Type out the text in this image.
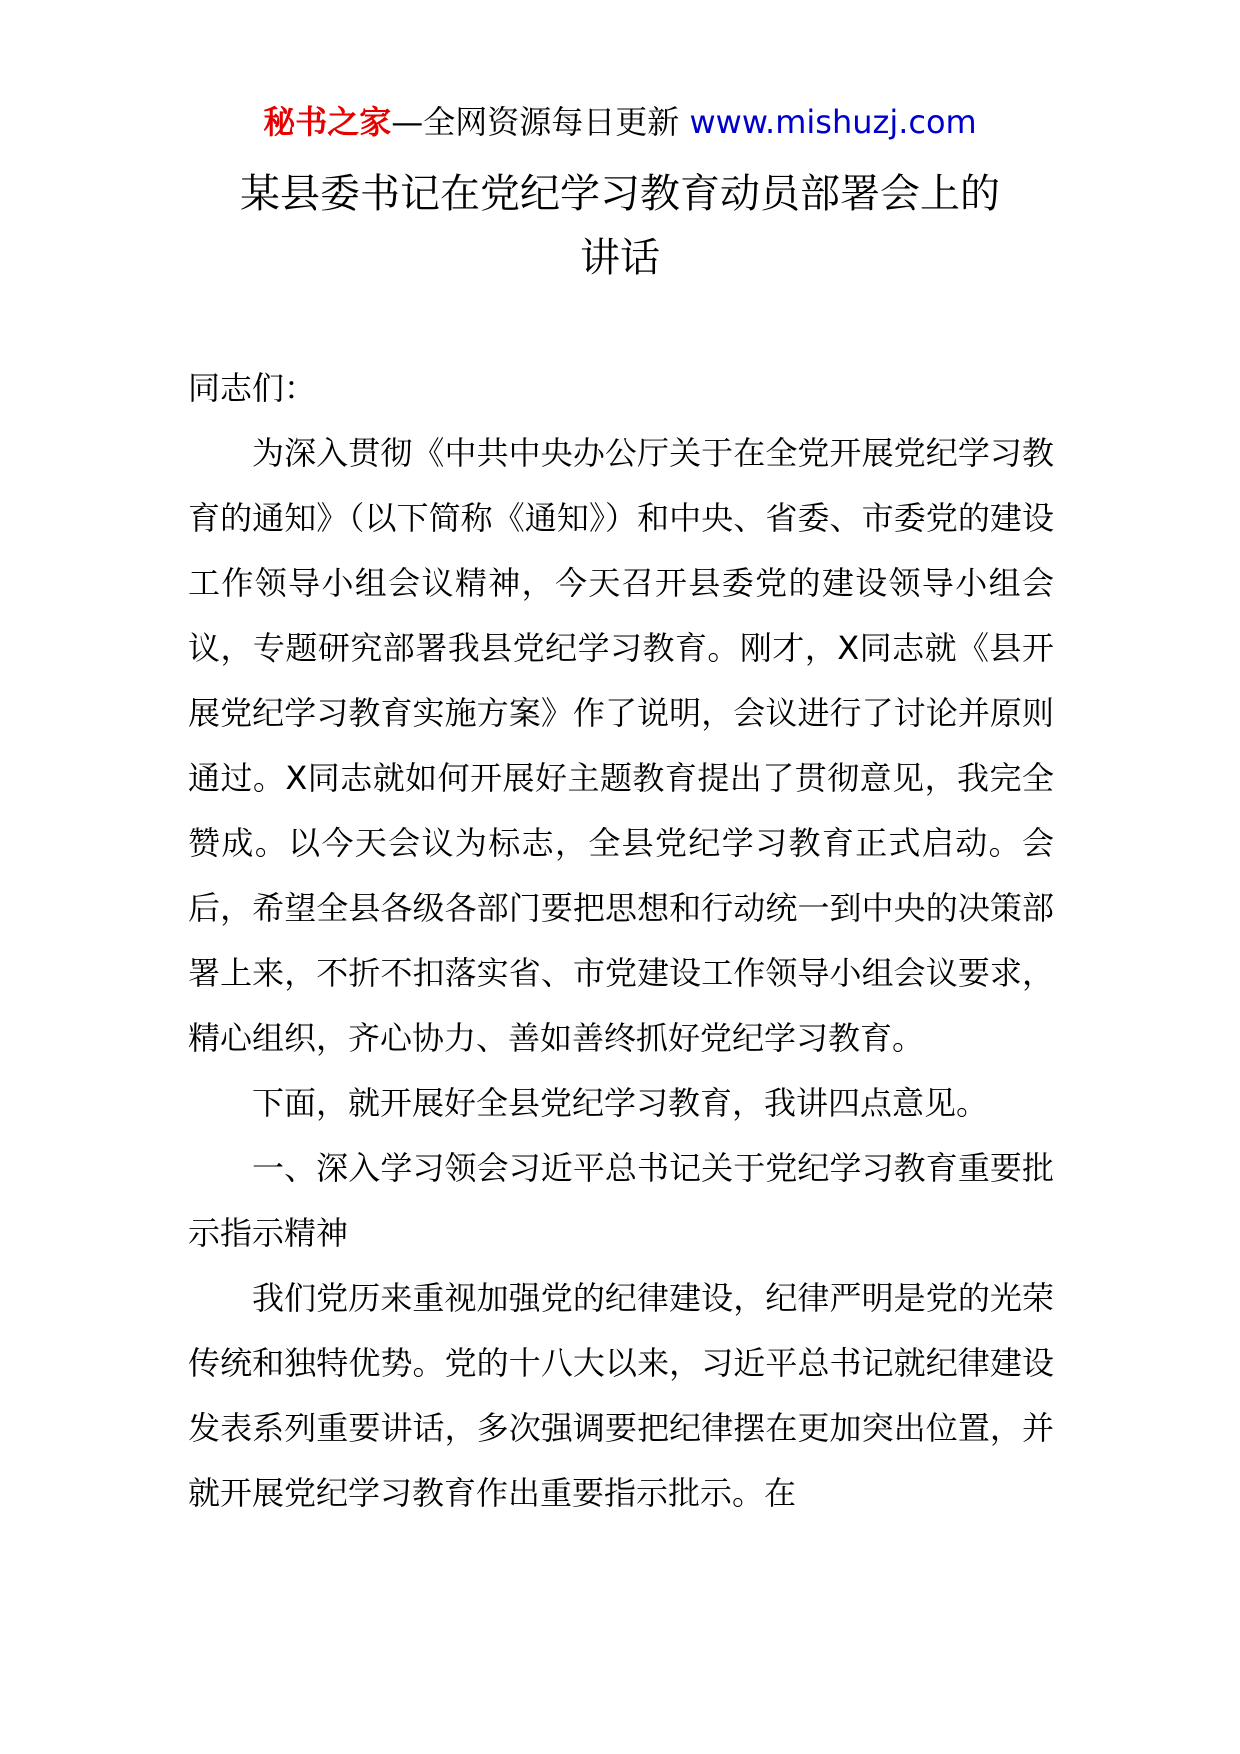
秘书之家—全网资源每日更新 www.mishuzj.com
某县委书记在党纪学习教育动员部署会上的
讲话

同志们：

为深入贯彻《中共中央办公厅关于在全党开展党纪学习教育的通知》（以下简称《通知》）和中央、省委、市委党的建设工作领导小组会议精神，今天召开县委党的建设领导小组会议，专题研究部署我县党纪学习教育。刚才，X同志就《县开展党纪学习教育实施方案》作了说明，会议进行了讨论并原则通过。X同志就如何开展好主题教育提出了贯彻意见，我完全赞成。以今天会议为标志，全县党纪学习教育正式启动。会后，希望全县各级各部门要把思想和行动统一到中央的决策部署上来，不折不扣落实省、市党建设工作领导小组会议要求，精心组织，齐心协力、善如善终抓好党纪学习教育。

下面，就开展好全县党纪学习教育，我讲四点意见。

一、深入学习领会习近平总书记关于党纪学习教育重要批示指示精神

我们党历来重视加强党的纪律建设，纪律严明是党的光荣传统和独特优势。党的十八大以来，习近平总书记就纪律建设发表系列重要讲话，多次强调要把纪律摆在更加突出位置，并就开展党纪学习教育作出重要指示批示。在
